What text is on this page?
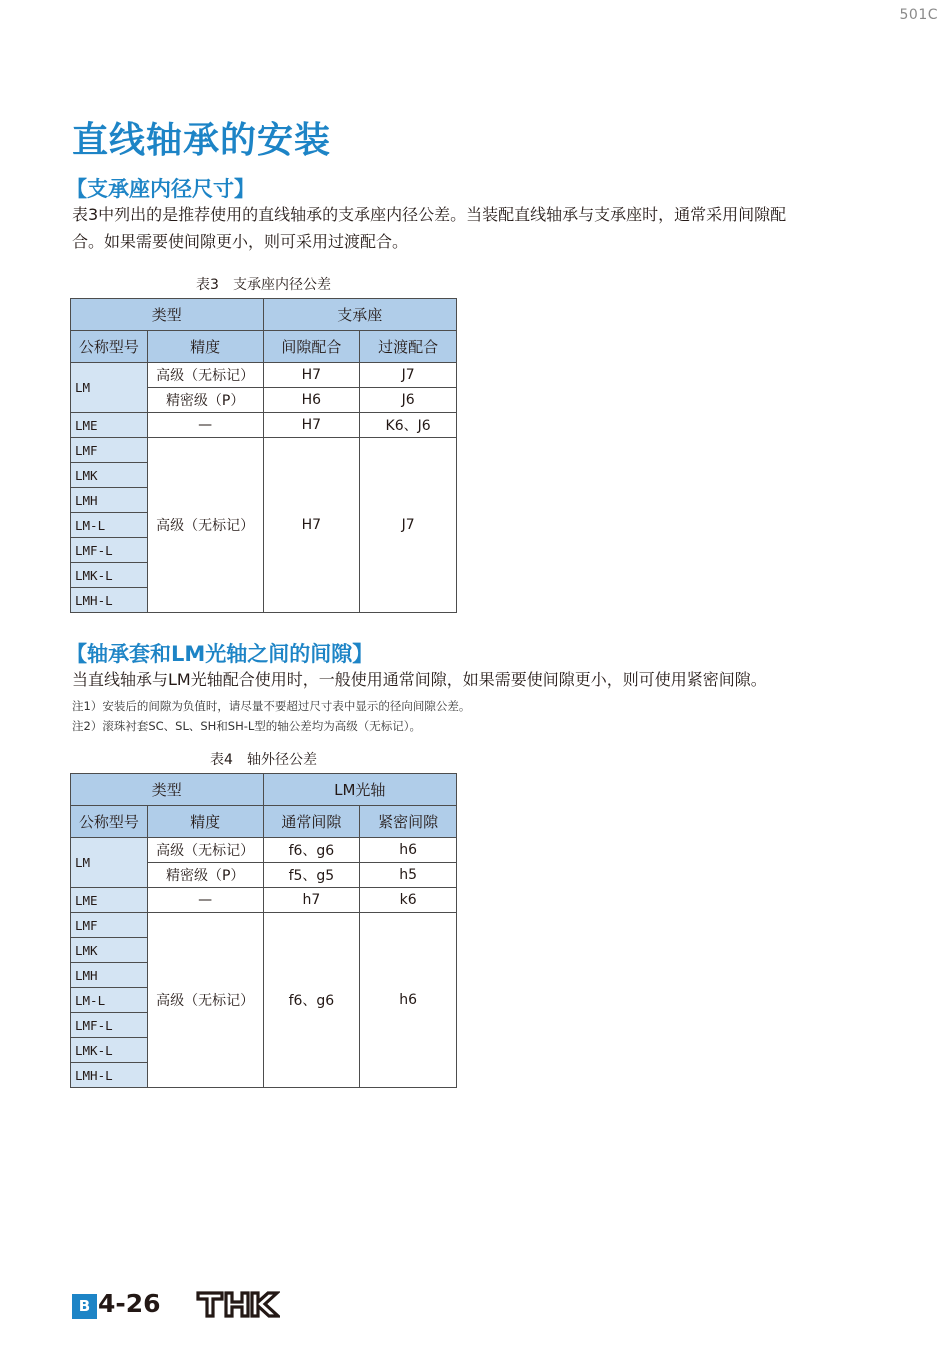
501C
直线轴承的安装
【支承座内径尺寸】

表3中列出的是推荐使用的直线轴承的支承座内径公差。当装配直线轴承与支承座时，通常采用间隙配
合。如果需要使间隙更小，则可采用过渡配合。

表3　支承座内径公差
类型		支承座	
公称型号	精度	间隙配合	过渡配合
LM	高级（无标记）	H7	J7
	精密级（P）	H6	J6
LME	—	H7	K6、J6
LMF	高级（无标记）	H7	J7
LMK			
LMH			
LM-L			
LMF-L			
LMK-L			
LMH-L			
【轴承套和LM光轴之间的间隙】

当直线轴承与LM光轴配合使用时，一般使用通常间隙，如果需要使间隙更小，则可使用紧密间隙。

注1）安装后的间隙为负值时，请尽量不要超过尺寸表中显示的径向间隙公差。

注2）滚珠衬套SC、SL、SH和SH-L型的轴公差均为高级（无标记）。

表4　轴外径公差
类型		LM光轴	
公称型号	精度	通常间隙	紧密间隙
LM	高级（无标记）	f6、g6	h6
	精密级（P）	f5、g5	h5
LME	—	h7	k6
LMF	高级（无标记）	f6、g6	h6
LMK			
LMH			
LM-L			
LMF-L			
LMK-L			
LMH-L			
B 4-26
